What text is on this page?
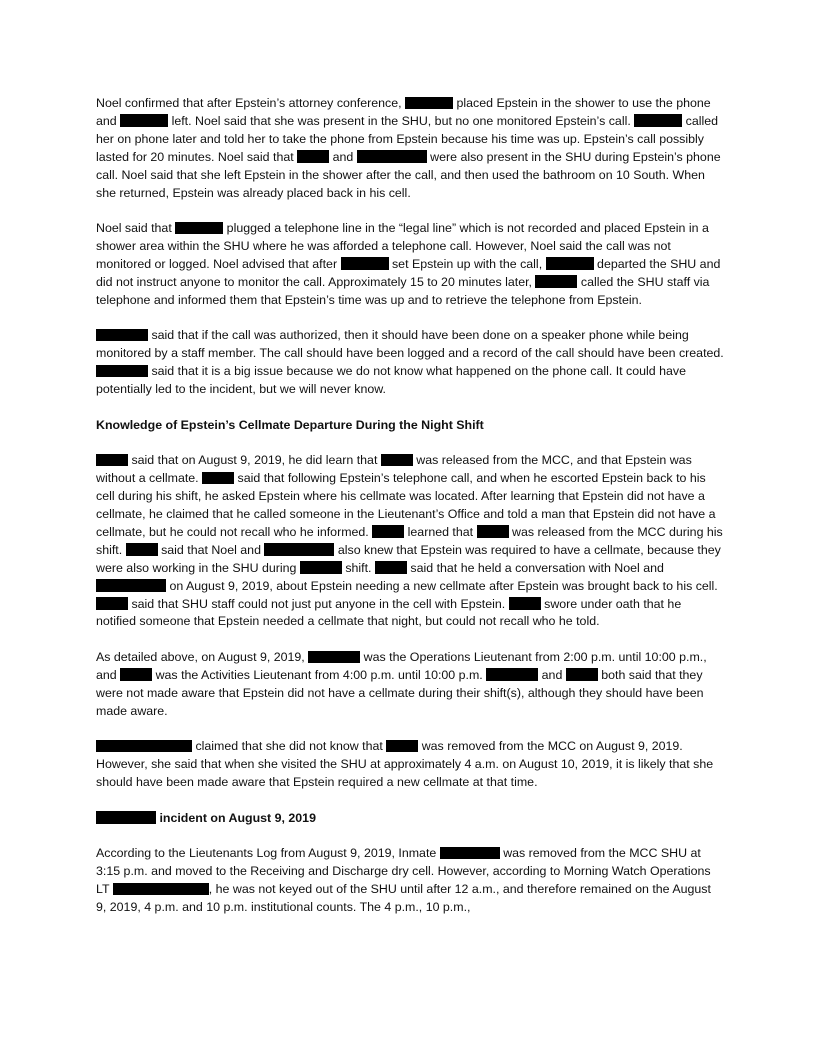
Noel confirmed that after Epstein’s attorney conference,	placed Epstein in the shower to use the phone and	left. Noel said that she was present in the SHU, but no one monitored Epstein’s call.	called her on phone later and told her to take the phone from Epstein because his time was up. Epstein’s call possibly lasted for 20 minutes. Noel said that	and	were also present in the SHU during Epstein’s phone call. Noel said that she left Epstein in the shower after the call, and then used the bathroom on 10 South. When she returned, Epstein was already placed back in his cell.

Noel said that	plugged a telephone line in the “legal line” which is not recorded and placed Epstein in a shower area within the SHU where he was afforded a telephone call. However, Noel said the call was not monitored or logged. Noel advised that after	set Epstein up with the call,	departed the SHU and did not instruct anyone to monitor the call. Approximately 15 to 20 minutes later,	called the SHU staff via telephone and informed them that Epstein’s time was up and to retrieve the telephone from Epstein.

said that if the call was authorized, then it should have been done on a speaker phone while being monitored by a staff member. The call should have been logged and a record of the call should have been created.  said that it is a big issue because we do not know what happened on the phone call. It could have potentially led to the incident, but we will never know.

Knowledge of Epstein’s Cellmate Departure During the Night Shift

said that on August 9, 2019, he did learn that	was released from the MCC, and that Epstein was without a cellmate.	said that following Epstein’s telephone call, and when he escorted Epstein back to his cell during his shift, he asked Epstein where his cellmate was located. After learning that Epstein did not have a cellmate, he claimed that he called someone in the Lieutenant’s Office and told a man that Epstein did not have a cellmate, but he could not recall who he informed.	learned that	was released from the MCC during his shift.	said that Noel and	also knew that Epstein was required to have a cellmate, because they were also working in the SHU during	shift.	said that he held a conversation with Noel and  on August 9, 2019, about Epstein needing a new cellmate after Epstein was brought back to his cell.  said that SHU staff could not just put anyone in the cell with Epstein.	swore under oath that he notified someone that Epstein needed a cellmate that night, but could not recall who he told.

As detailed above, on August 9, 2019,	was the Operations Lieutenant from 2:00 p.m. until 10:00 p.m., and	was the Activities Lieutenant from 4:00 p.m. until 10:00 p.m.	and	both said that they were not made aware that Epstein did not have a cellmate during their shift(s), although they should have been made aware.

claimed that she did not know that	was removed from the MCC on August 9, 2019. However, she said that when she visited the SHU at approximately 4 a.m. on August 10, 2019, it is likely that she should have been made aware that Epstein required a new cellmate at that time.

incident on August 9, 2019

According to the Lieutenants Log from August 9, 2019, Inmate	was removed from the MCC SHU at 3:15 p.m. and moved to the Receiving and Discharge dry cell. However, according to Morning Watch Operations LT	, he was not keyed out of the SHU until after 12 a.m., and therefore remained on the August 9, 2019, 4 p.m. and 10 p.m. institutional counts. The 4 p.m., 10 p.m.,
